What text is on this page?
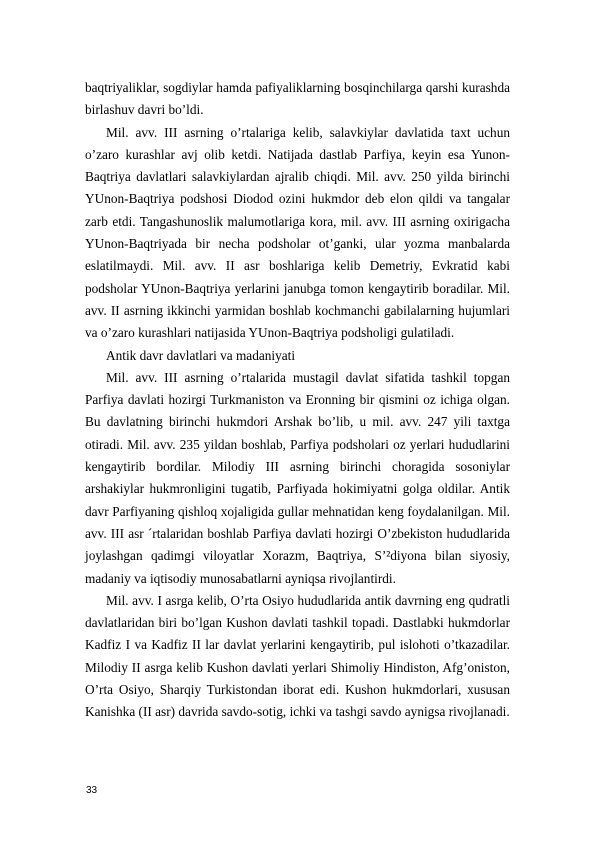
baqtriyaliklar, sogdiylar hamda pafiyaliklarning bosqinchilarga qarshi kurashda birlashuv davri bo’ldi.

Mil. avv. III asrning o’rtalariga kelib, salavkiylar davlatida taxt uchun o’zaro kurashlar avj olib ketdi. Natijada dastlab Parfiya, keyin esa Yunon-Baqtriya davlatlari salavkiylardan ajralib chiqdi. Mil. avv. 250 yilda birinchi YUnon-Baqtriya podshosi Diodod ozini hukmdor deb elon qildi va tangalar zarb etdi. Tangashunoslik malumotlariga kora, mil. avv. III asrning oxirigacha YUnon-Baqtriyada bir necha podsholar ot’ganki, ular yozma manbalarda eslatilmaydi. Mil. avv. II asr boshlariga kelib Demetriy, Evkratid kabi podsholar YUnon-Baqtriya yerlarini janubga tomon kengaytirib boradilar. Mil. avv. II asrning ikkinchi yarmidan boshlab kochmanchi gabilalarning hujumlari va o’zaro kurashlari natijasida YUnon-Baqtriya podsholigi gulatiladi.

Antik davr davlatlari va madaniyati

Mil. avv. III asrning o’rtalarida mustagil davlat sifatida tashkil topgan Parfiya davlati hozirgi Turkmaniston va Eronning bir qismini oz ichiga olgan. Bu davlatning birinchi hukmdori Arshak bo’lib, u mil. avv. 247 yili taxtga otiradi. Mil. avv. 235 yildan boshlab, Parfiya podsholari oz yerlari hududlarini kengaytirib bordilar. Milodiy III asrning birinchi choragida sosoniylar arshakiylar hukmronligini tugatib, Parfiyada hokimiyatni golga oldilar. Antik davr Parfiyaning qishloq xojaligida gullar mehnatidan keng foydalanilgan. Mil. avv. III asr ´rtalaridan boshlab Parfiya davlati hozirgi O’zbekiston hududlarida joylashgan qadimgi viloyatlar Xorazm, Baqtriya, S’²diyona bilan siyosiy, madaniy va iqtisodiy munosabatlarni ayniqsa rivojlantirdi.

Mil. avv. I asrga kelib, O’rta Osiyo hududlarida antik davrning eng qudratli davlatlaridan biri bo’lgan Kushon davlati tashkil topadi. Dastlabki hukmdorlar Kadfiz I va Kadfiz II lar davlat yerlarini kengaytirib, pul islohoti o’tkazadilar. Milodiy II asrga kelib Kushon davlati yerlari Shimoliy Hindiston, Afg’oniston, O’rta Osiyo, Sharqiy Turkistondan iborat edi. Kushon hukmdorlari, xususan Kanishka (II asr) davrida savdo-sotig, ichki va tashgi savdo aynigsa rivojlanadi.

33
